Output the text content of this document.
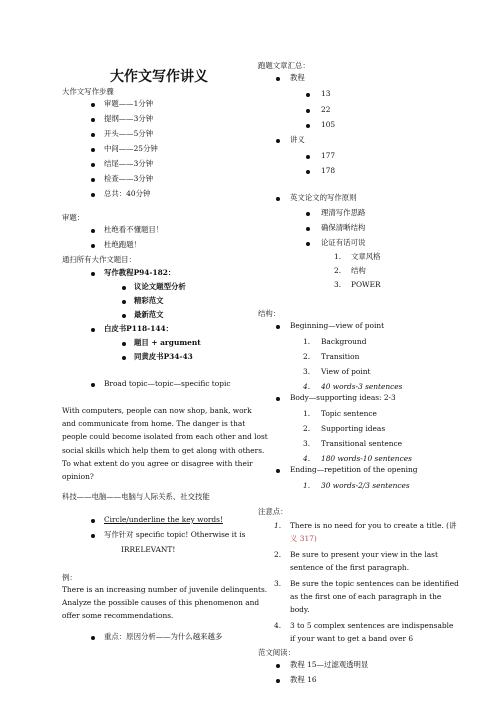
大作文写作讲义
大作文写作步骤
审题——1分钟
提纲——3分钟
开头——5分钟
中间——25分钟
结尾——3分钟
检查——3分钟
总共：40分钟
审题：
杜绝看不懂题目！
杜绝跑题！
通扫所有大作文题目：
写作教程P94-182：
议论文题型分析
精彩范文
最新范文
白皮书P118-144：
题目 + argument
同黄皮书P34-43
Broad topic—topic—specific topic
With computers, people can now shop, bank, work
and communicate from home. The danger is that
people could become isolated from each other and lost
social skills which help them to get along with others.
To what extent do you agree or disagree with their
opinion?
科技——电脑——电脑与人际关系、社交技能
Circle/underline the key words!
写作针对 specific topic! Otherwise it is
IRRELEVANT!
例：
There is an increasing number of juvenile delinquents.
Analyze the possible causes of this phenomenon and
offer some recommendations.
重点：原因分析——为什么越来越多
跑题文章汇总：
教程
13
22
105
讲义
177
178
英文论文的写作原则
理清写作思路
确保清晰结构
论证有话可说
1. 文章风格
2. 结构
3. POWER
结构：
Beginning—view of point
1. Background
2. Transition
3. View of point
4. 40 words-3 sentences
Body—supporting ideas: 2-3
1. Topic sentence
2. Supporting ideas
3. Transitional sentence
4. 180 words-10 sentences
Ending—repetition of the opening
1. 30 words-2/3 sentences
注意点：
1. There is no need for you to create a title. (讲
义 317)
2. Be sure to present your view in the last
sentence of the first paragraph.
3. Be sure the topic sentences can be identified
as the first one of each paragraph in the
body.
4. 3 to 5 complex sentences are indispensable
if your want to get a band over 6
范文阅读：
教程 15—过滤观透明显
教程 16
